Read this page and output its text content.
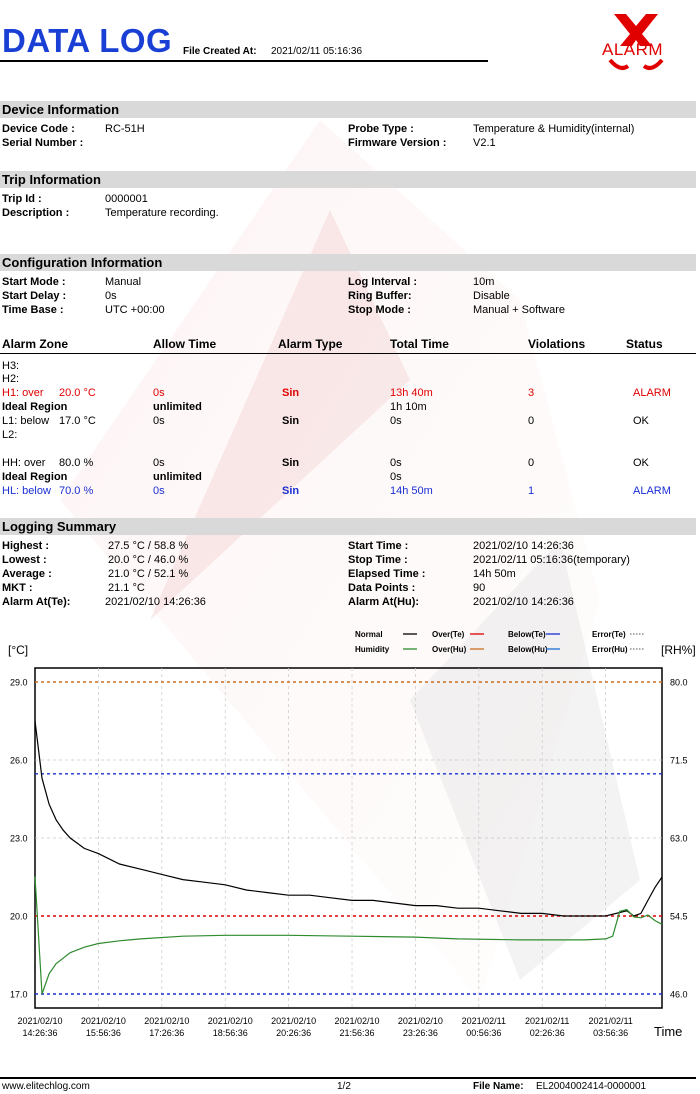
DATA LOG File Created At: 2021/02/11 05:16:36	ALARM
Device Information
Device Code :	RC-51H
Serial Number :
Probe Type :	Temperature & Humidity(internal)
Firmware Version : V2.1
Trip Information
Trip Id :	0000001
Description :	Temperature recording.
Configuration Information
Start Mode :	Manual
Start Delay :	0s
Time Base :	UTC +00:00
Log Interval :	10m
Ring Buffer:	Disable
Stop Mode :	Manual + Software
Alarm Zone	Allow Time	Alarm Type	Total Time	Violations	Status
H3:
H2:
H1: over 20.0 °C	0s	Sin	13h 40m	3	ALARM
Ideal Region	unlimited	1h 10m
L1: below 17.0 °C	0s	Sin	0s	0	OK
L2:
HH: over 80.0 %	0s	Sin	0s	0	OK
Ideal Region	unlimited	0s
HL: below 70.0 %	0s	Sin	14h 50m	1	ALARM
Logging Summary
Highest :	27.5 °C / 58.8 %
Lowest :	20.0 °C / 46.0 %
Average :	21.0 °C / 52.1 %
MKT :	21.1 °C
Alarm At(Te):	2021/02/10 14:26:36
Start Time :	2021/02/10 14:26:36
Stop Time :	2021/02/11 05:16:36(temporary)
Elapsed Time :	14h 50m
Data Points :	90
Alarm At(Hu):	2021/02/10 14:26:36
29.0
26.0
23.0
20.0
17.0
80.0
71.5
63.0
54.5
46.0
2021/02/10
14:26:36
2021/02/10
15:56:36
2021/02/10
17:26:36
2021/02/10
18:56:36
2021/02/10
20:26:36
2021/02/10
21:56:36
2021/02/10
23:26:36
2021/02/11
00:56:36
2021/02/11
02:26:36
2021/02/11
03:56:36
[°C]	[RH%]
Time
Normal	Over(Te)	Below(Te)	Error(Te)
Humidity	Over(Hu)	Below(Hu)	Error(Hu)
www.elitechlog.com	1/2	File Name: EL2004002414-0000001
